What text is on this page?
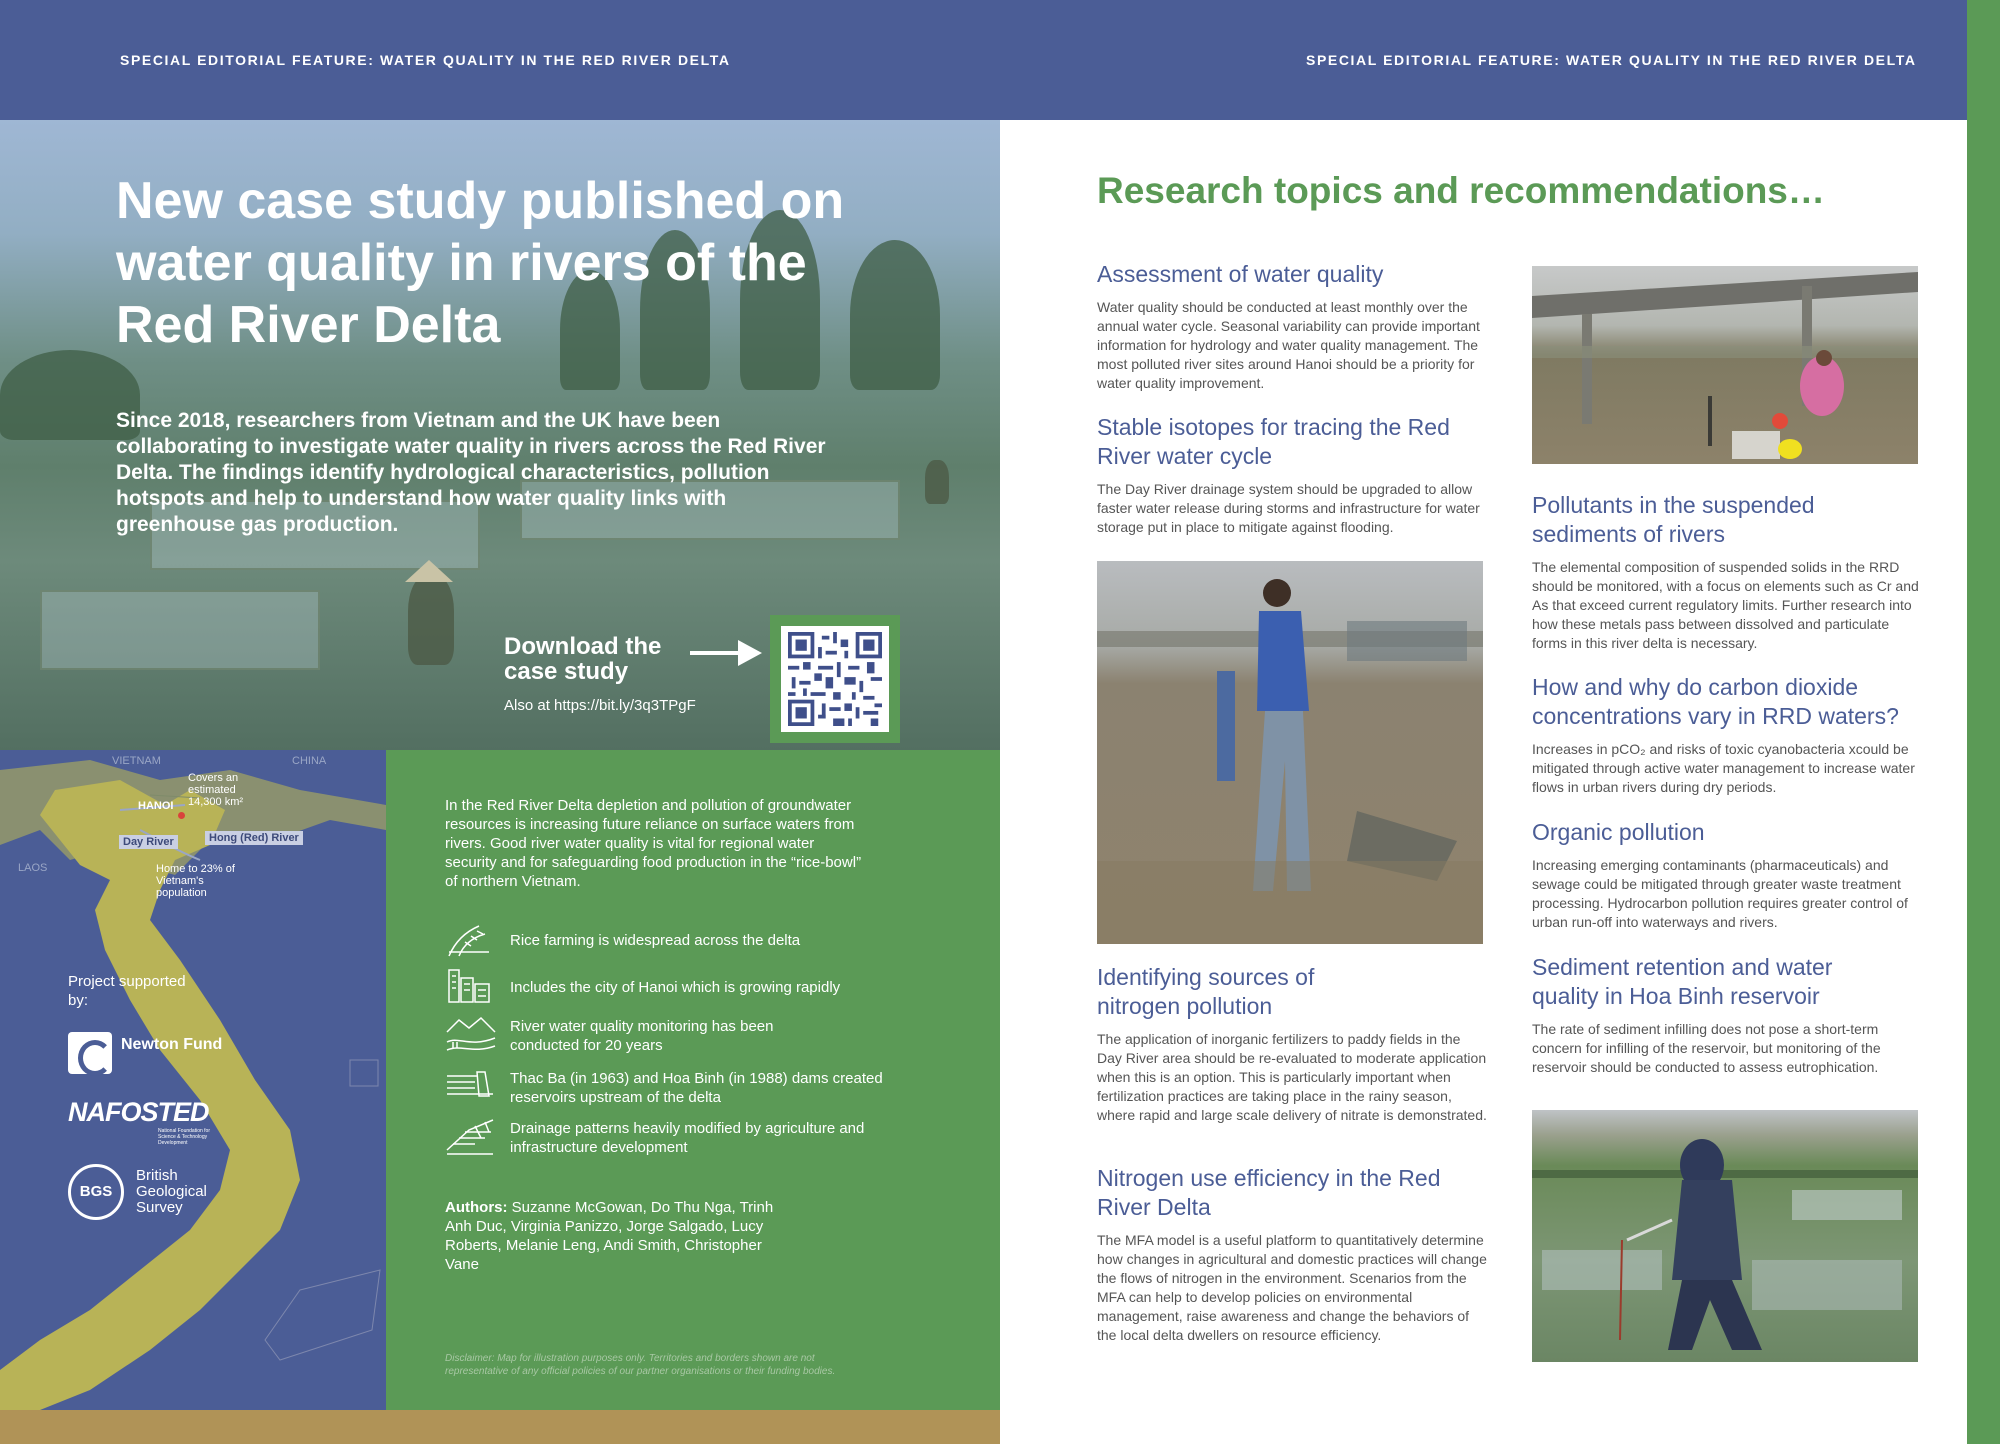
SPECIAL EDITORIAL FEATURE: WATER QUALITY IN THE RED RIVER DELTA	SPECIAL EDITORIAL FEATURE: WATER QUALITY IN THE RED RIVER DELTA
New case study published on water quality in rivers of the Red River Delta
Since 2018, researchers from Vietnam and the UK have been collaborating to investigate water quality in rivers across the Red River Delta. The findings identify hydrological characteristics, pollution hotspots and help to understand how water quality links with greenhouse gas production.
Download the case study
Also at https://bit.ly/3q3TPgF
VIETNAM	CHINA
LAOS
HANOI
Covers an estimated 14,300 km²
Day River	Hong (Red) River
Home to 23% of Vietnam's population
Project supported by:
Newton Fund
NAFOSTED
National Foundation for Science & Technology Development
BGS
British Geological Survey
In the Red River Delta depletion and pollution of groundwater resources is increasing future reliance on surface waters from rivers. Good river water quality is vital for regional water security and for safeguarding food production in the “rice-bowl” of northern Vietnam.
Rice farming is widespread across the delta
Includes the city of Hanoi which is growing rapidly
River water quality monitoring has been conducted for 20 years
Thac Ba (in 1963) and Hoa Binh (in 1988) dams created reservoirs upstream of the delta
Drainage patterns heavily modified by agriculture and infrastructure development
Authors: Suzanne McGowan, Do Thu Nga, Trinh Anh Duc, Virginia Panizzo, Jorge Salgado, Lucy Roberts, Melanie Leng, Andi Smith, Christopher Vane
Disclaimer: Map for illustration purposes only. Territories and borders shown are not representative of any official policies of our partner organisations or their funding bodies.
Research topics and recommendations…
Assessment of water quality

Water quality should be conducted at least monthly over the annual water cycle. Seasonal variability can provide important information for hydrology and water quality management. The most polluted river sites around Hanoi should be a priority for water quality improvement.

Stable isotopes for tracing the Red River water cycle

The Day River drainage system should be upgraded to allow faster water release during storms and infrastructure for water storage put in place to mitigate against flooding.

Identifying sources of nitrogen pollution

The application of inorganic fertilizers to paddy fields in the Day River area should be re-evaluated to moderate application when this is an option. This is particularly important when fertilization practices are taking place in the rainy season, where rapid and large scale delivery of nitrate is demonstrated.

Nitrogen use efficiency in the Red River Delta

The MFA model is a useful platform to quantitatively determine how changes in agricultural and domestic practices will change the flows of nitrogen in the environment. Scenarios from the MFA can help to develop policies on environmental management, raise awareness and change the behaviors of the local delta dwellers on resource efficiency.

Pollutants in the suspended sediments of rivers

The elemental composition of suspended solids in the RRD should be monitored, with a focus on elements such as Cr and As that exceed current regulatory limits. Further research into how these metals pass between dissolved and particulate forms in this river delta is necessary.

How and why do carbon dioxide concentrations vary in RRD waters?

Increases in pCO₂ and risks of toxic cyanobacteria xcould be mitigated through active water management to increase water flows in urban rivers during dry periods.

Organic pollution

Increasing emerging contaminants (pharmaceuticals) and sewage could be mitigated through greater waste treatment processing. Hydrocarbon pollution requires greater control of urban run-off into waterways and rivers.

Sediment retention and water quality in Hoa Binh reservoir

The rate of sediment infilling does not pose a short-term concern for infilling of the reservoir, but monitoring of the reservoir should be conducted to assess eutrophication.
